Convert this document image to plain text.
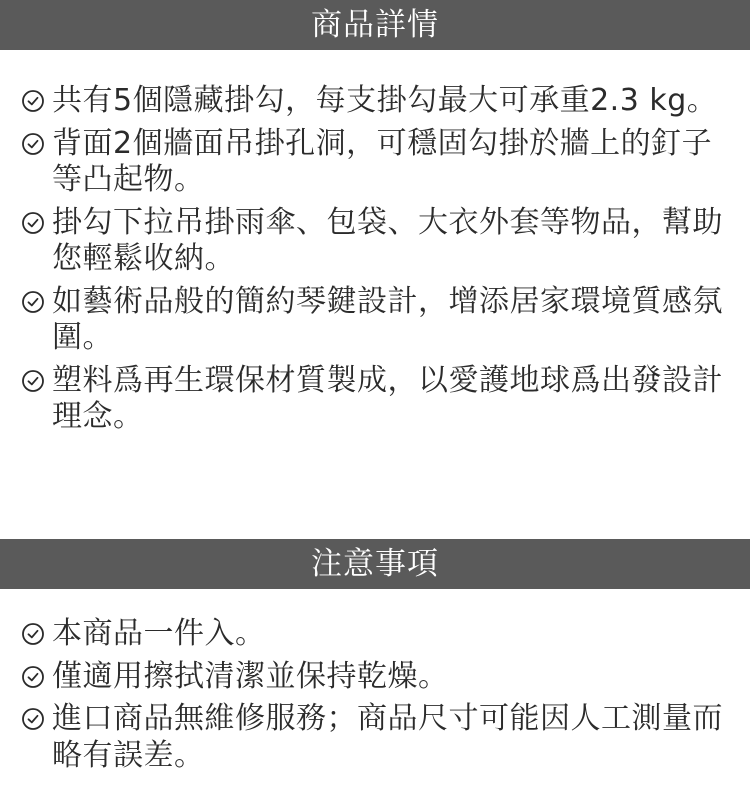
商品詳情
共有5個隱藏掛勾，每支掛勾最大可承重2.3 kg。
背面2個牆面吊掛孔洞，可穩固勾掛於牆上的釘子等凸起物。
掛勾下拉吊掛雨傘、包袋、大衣外套等物品，幫助您輕鬆收納。
如藝術品般的簡約琴鍵設計，增添居家環境質感氛圍。
塑料爲再生環保材質製成，以愛護地球爲出發設計理念。
注意事項
本商品一件入。
僅適用擦拭清潔並保持乾燥。
進口商品無維修服務；商品尺寸可能因人工測量而略有誤差。
